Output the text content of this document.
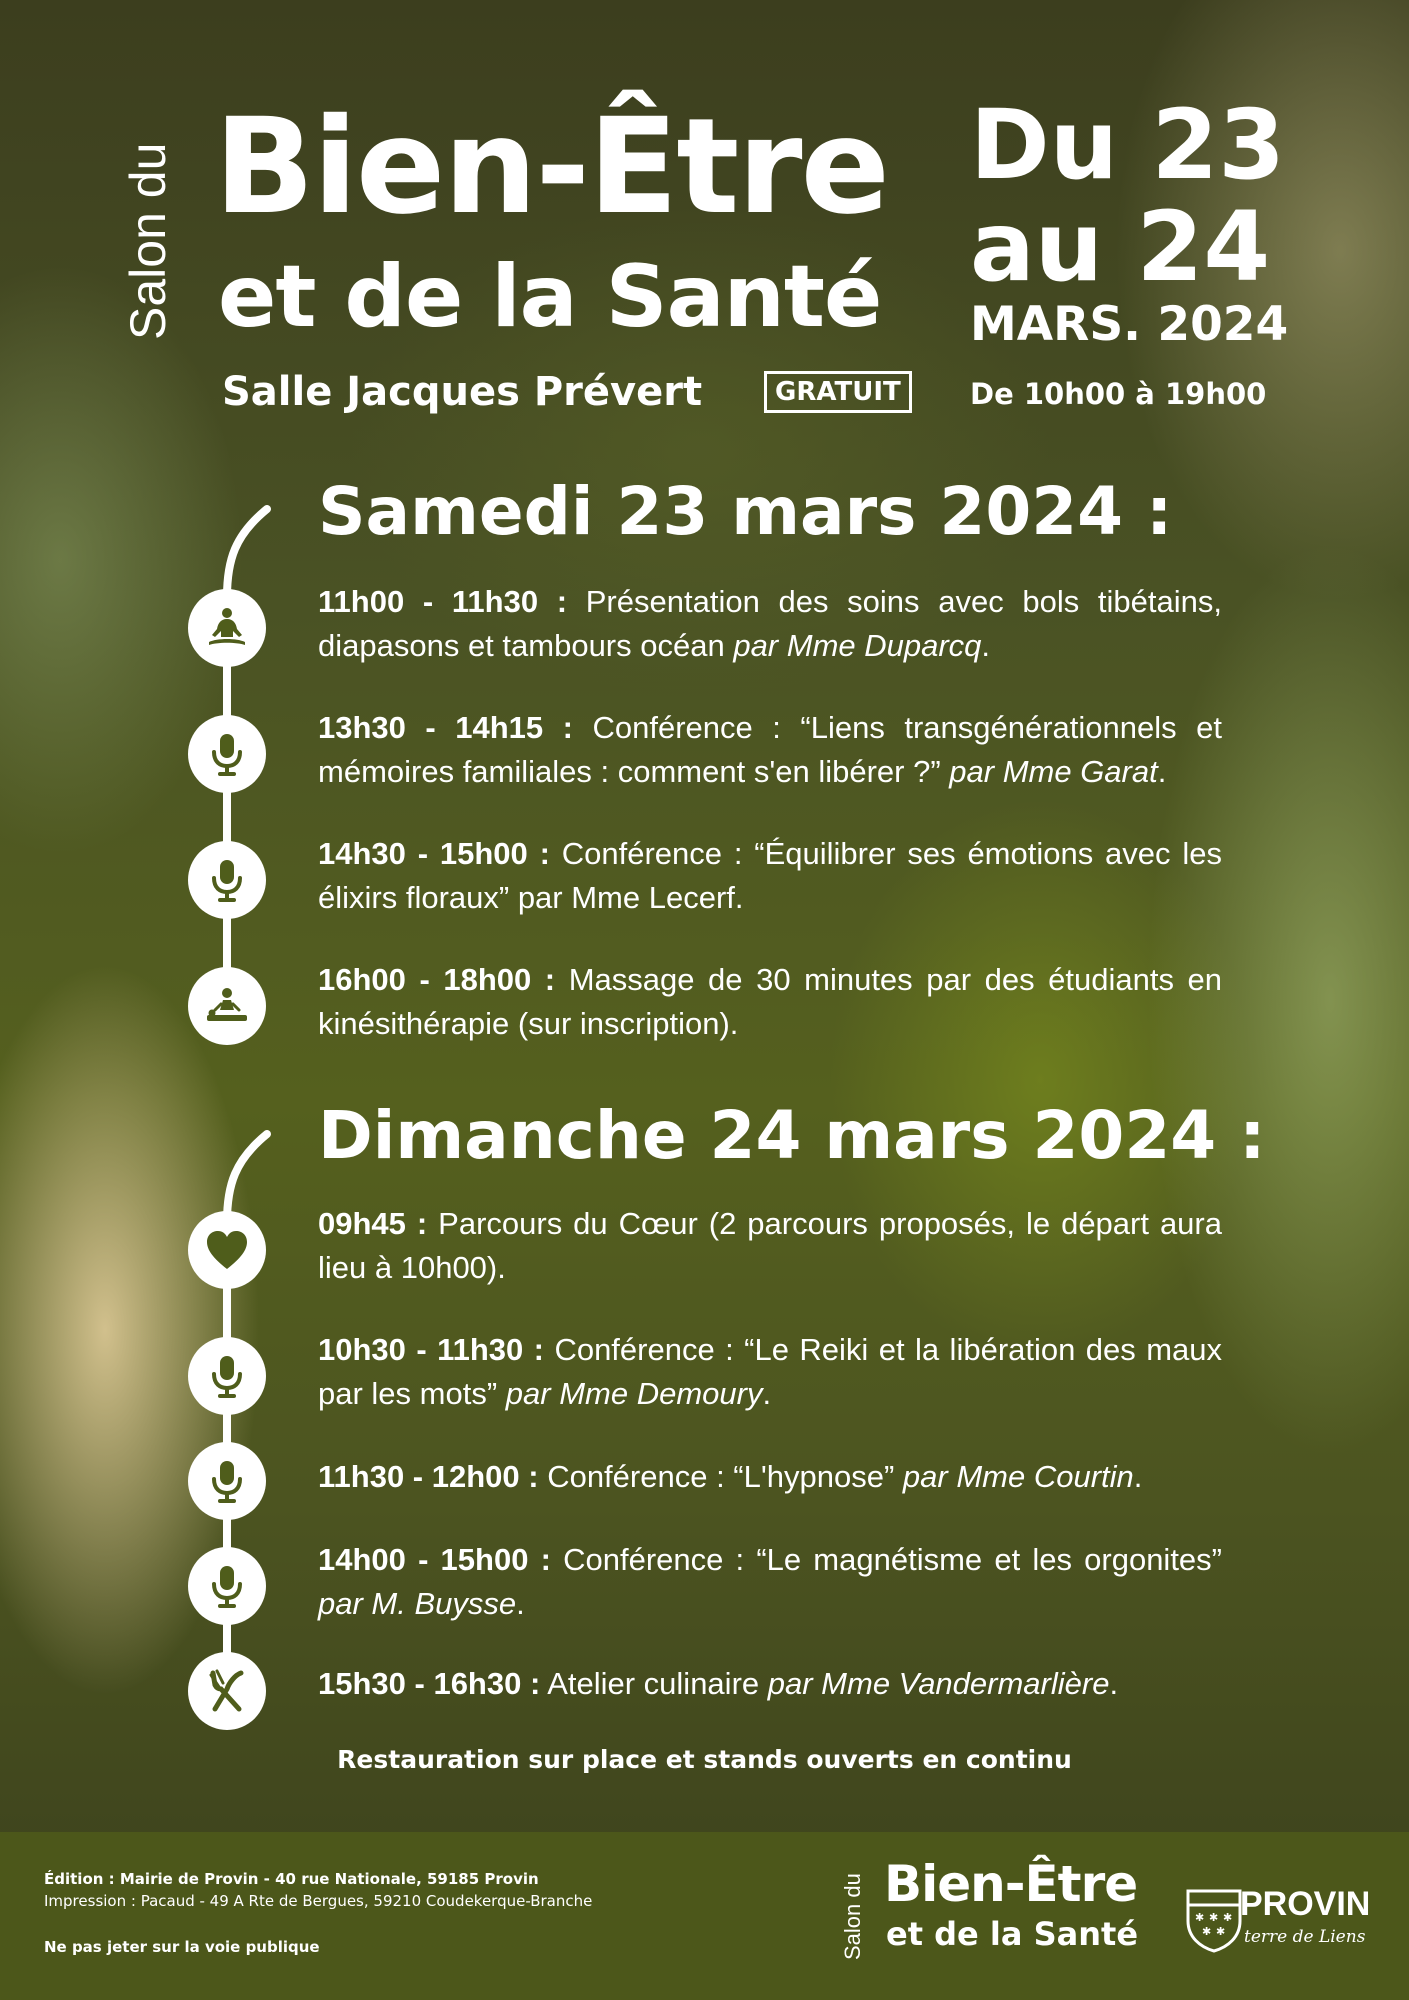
Salon du Bien-Être
et de la Santé
Salle Jacques Prévert	GRATUIT
Du 23
au 24
MARS. 2024
De 10h00 à 19h00
Samedi 23 mars 2024 :
11h00 - 11h30 : Présentation des soins avec bols tibétains, diapasons et tambours océan par Mme Duparcq.
13h30 - 14h15 : Conférence : “Liens transgénérationnels et mémoires familiales : comment s'en libérer ?” par Mme Garat.
14h30 - 15h00 : Conférence : “Équilibrer ses émotions avec les élixirs floraux” par Mme Lecerf.
16h00 - 18h00 : Massage de 30 minutes par des étudiants en kinésithérapie (sur inscription).
Dimanche 24 mars 2024 :
09h45 : Parcours du Cœur (2 parcours proposés, le départ aura lieu à 10h00).
10h30 - 11h30 : Conférence : “Le Reiki et la libération des maux par les mots” par Mme Demoury.
11h30 - 12h00 : Conférence : “L'hypnose” par Mme Courtin.
14h00 - 15h00 : Conférence : “Le magnétisme et les orgonites” par M. Buysse.
15h30 - 16h30 : Atelier culinaire par Mme Vandermarlière.
Restauration sur place et stands ouverts en continu
Édition : Mairie de Provin - 40 rue Nationale, 59185 Provin
Impression : Pacaud - 49 A Rte de Bergues, 59210 Coudekerque-Branche
Ne pas jeter sur la voie publique	Salon du Bien-Être
et de la Santé	✱ ✱ ✱
✱ ✱
PROVIN
terre de Liens
